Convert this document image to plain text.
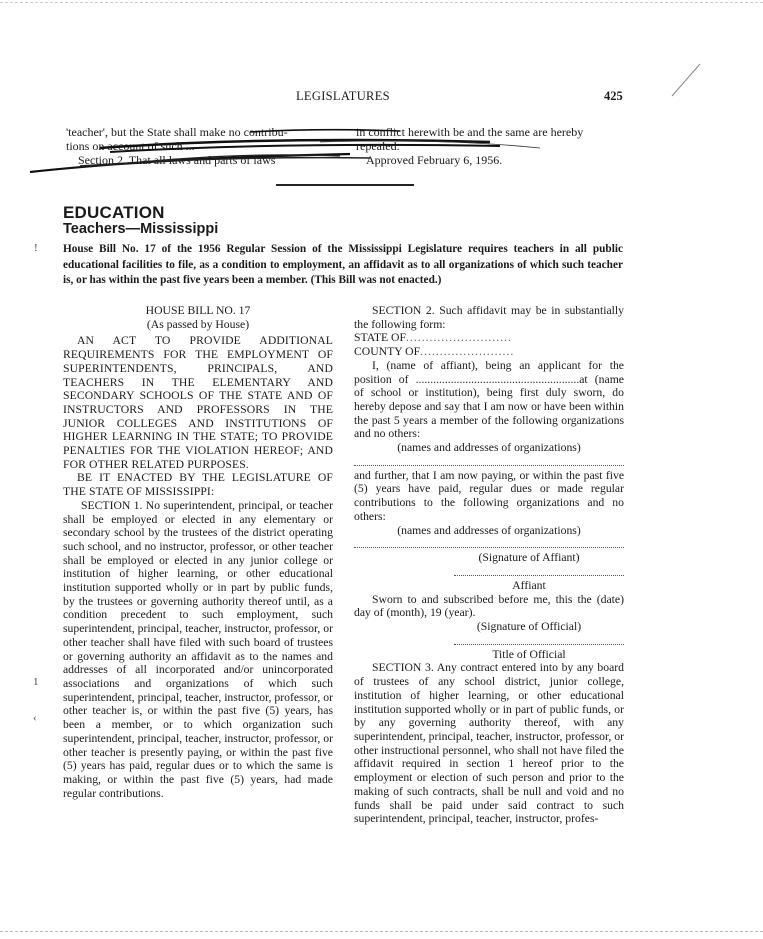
LEGISLATURES	425
'teacher', but the State shall make no contribu-	in conflict herewith be and the same are hereby
tions on account of such ...	repealed.
Section 2. That all laws and parts of laws	Approved February 6, 1956.
EDUCATION
Teachers—Mississippi
House Bill No. 17 of the 1956 Regular Session of the Mississippi Legislature requires teachers in all public educational facilities to file, as a condition to employment, an affidavit as to all organizations of which such teacher is, or has within the past five years been a member. (This Bill was not enacted.)

HOUSE BILL NO. 17

(As passed by House)

AN ACT TO PROVIDE ADDITIONAL REQUIREMENTS FOR THE EMPLOYMENT OF SUPERINTENDENTS, PRINCIPALS, AND TEACHERS IN THE ELEMENTARY AND SECONDARY SCHOOLS OF THE STATE AND OF INSTRUCTORS AND PROFESSORS IN THE JUNIOR COLLEGES AND INSTITUTIONS OF HIGHER LEARNING IN THE STATE; TO PROVIDE PENALTIES FOR THE VIOLATION HEREOF; AND FOR OTHER RELATED PURPOSES.

BE IT ENACTED BY THE LEGISLATURE OF THE STATE OF MISSISSIPPI:

SECTION 1. No superintendent, principal, or teacher shall be employed or elected in any elementary or secondary school by the trustees of the district operating such school, and no instructor, professor, or other teacher shall be employed or elected in any junior college or institution of higher learning, or other educational institution supported wholly or in part by public funds, by the trustees or governing authority thereof until, as a condition precedent to such employment, such superintendent, principal, teacher, instructor, professor, or other teacher shall have filed with such board of trustees or governing authority an affidavit as to the names and addresses of all incorporated and/or unincorporated associations and organizations of which such superintendent, principal, teacher, instructor, professor, or other teacher is, or within the past five (5) years, has been a member, or to which organization such superintendent, principal, teacher, instructor, professor, or other teacher is presently paying, or within the past five (5) years has paid, regular dues or to which the same is making, or within the past five (5) years, had made regular contributions.

SECTION 2. Such affidavit may be in substantially the following form:

STATE OF...........................

COUNTY OF........................

I, (name of affiant), being an applicant for the position of ........................................................at (name of school or institution), being first duly sworn, do hereby depose and say that I am now or have been within the past 5 years a member of the following organizations and no others:

(names and addresses of organizations)

and further, that I am now paying, or within the past five (5) years have paid, regular dues or made regular contributions to the following organizations and no others:

(names and addresses of organizations)

(Signature of Affiant)

Affiant

Sworn to and subscribed before me, this the (date) day of (month), 19 (year).

(Signature of Official)

Title of Official

SECTION 3. Any contract entered into by any board of trustees of any school district, junior college, institution of higher learning, or other educational institution supported wholly or in part of public funds, or by any governing authority thereof, with any superintendent, principal, teacher, instructor, professor, or other instructional personnel, who shall not have filed the affidavit required in section 1 hereof prior to the employment or election of such person and prior to the making of such contracts, shall be null and void and no funds shall be paid under said contract to such superintendent, principal, teacher, instructor, profes-

!
1
‹
